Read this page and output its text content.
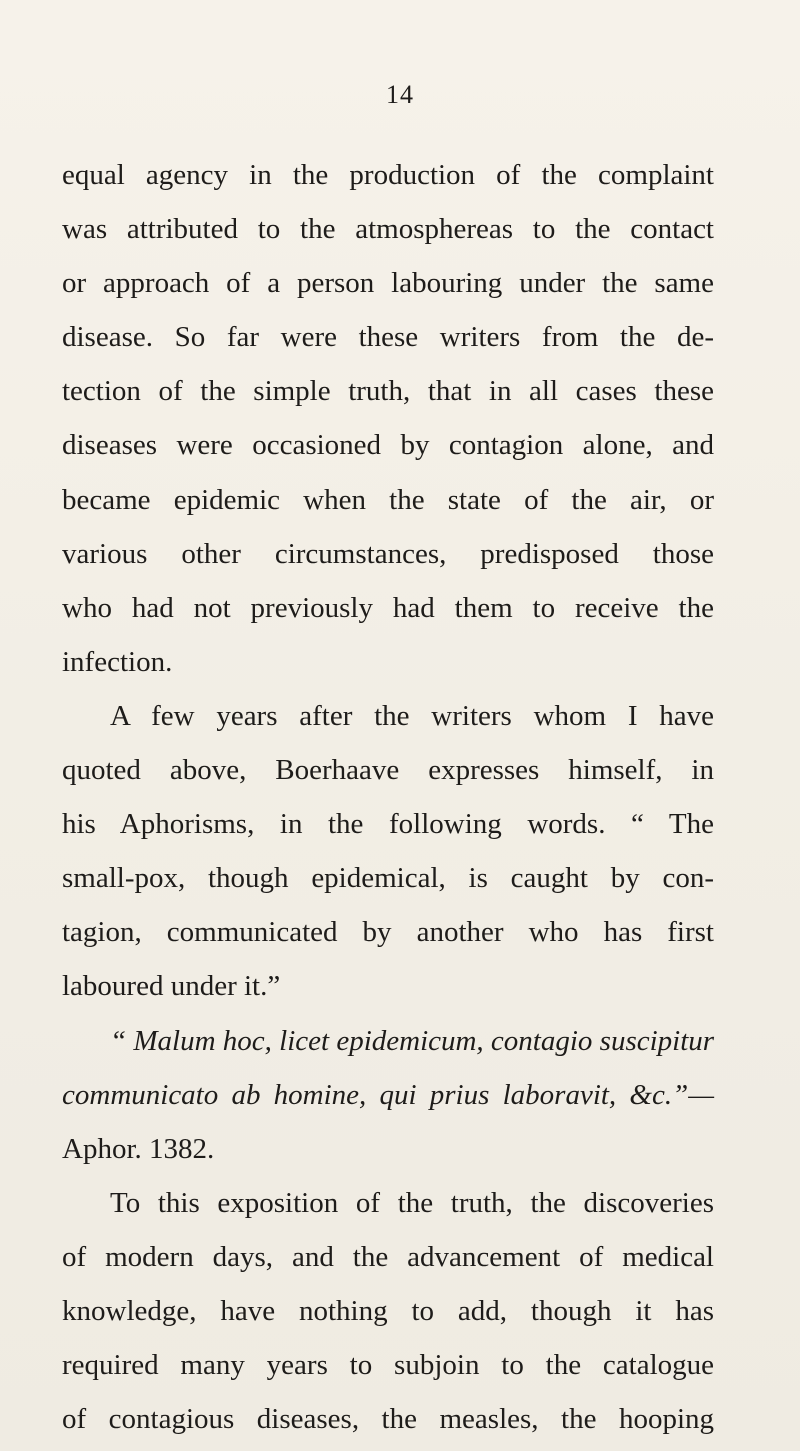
14
equal agency in the production of the complaint
was attributed to the atmosphereas to the contact
or approach of a person labouring under the same
disease. So far were these writers from the de-
tection of the simple truth, that in all cases these
diseases were occasioned by contagion alone, and
became epidemic when the state of the air, or
various other circumstances, predisposed those
who had not previously had them to receive the
infection.
A few years after the writers whom I have
quoted above, Boerhaave expresses himself, in
his Aphorisms, in the following words. “ The
small-pox, though epidemical, is caught by con-
tagion, communicated by another who has first
laboured under it.”
“ Malum hoc, licet epidemicum, contagio suscipitur
communicato ab homine, qui prius laboravit, &c.”—
Aphor. 1382.
To this exposition of the truth, the discoveries
of modern days, and the advancement of medical
knowledge, have nothing to add, though it has
required many years to subjoin to the catalogue
of contagious diseases, the measles, the hooping
